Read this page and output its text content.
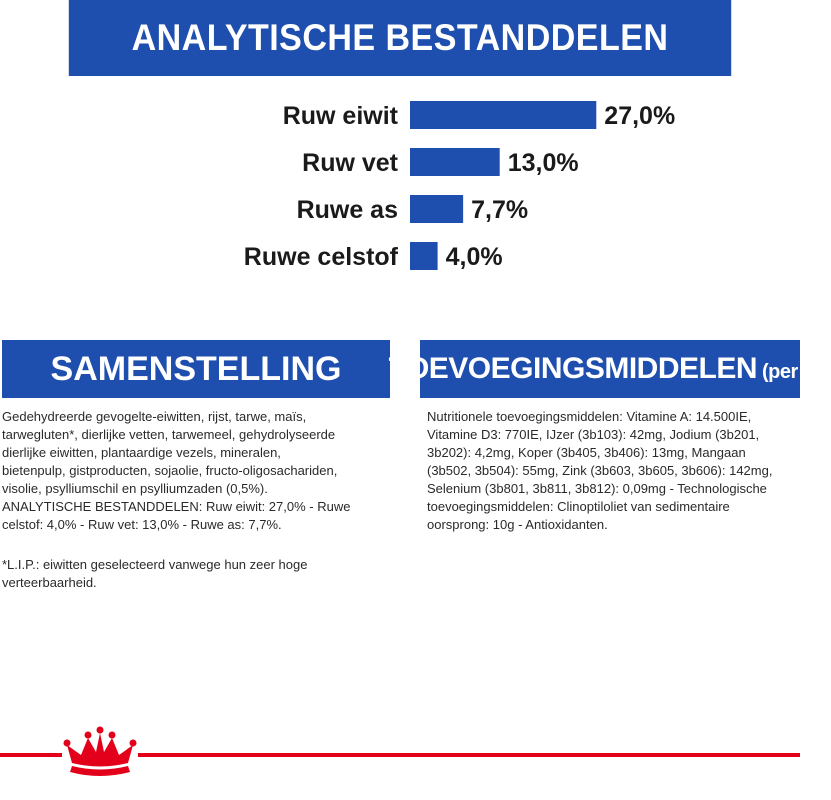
ANALYTISCHE BESTANDDELEN
Ruw eiwit	27,0%
Ruw vet	13,0%
Ruwe as	7,7%
Ruwe celstof 4,0%
SAMENSTELLING	TOEVOEGINGSMIDDELEN (per kg)

Gedehydreerde gevogelte-eiwitten, rijst, tarwe, maïs,
tarwegluten*, dierlijke vetten, tarwemeel, gehydrolyseerde
dierlijke eiwitten, plantaardige vezels, mineralen,
bietenpulp, gistproducten, sojaolie, fructo-oligosachariden,
visolie, psylliumschil en psylliumzaden (0,5%).
ANALYTISCHE BESTANDDELEN: Ruw eiwit: 27,0% - Ruwe
celstof: 4,0% - Ruw vet: 13,0% - Ruwe as: 7,7%.

*L.I.P.: eiwitten geselecteerd vanwege hun zeer hoge
verteerbaarheid.

Nutritionele toevoegingsmiddelen: Vitamine A: 14.500IE,
Vitamine D3: 770IE, IJzer (3b103): 42mg, Jodium (3b201,
3b202): 4,2mg, Koper (3b405, 3b406): 13mg, Mangaan
(3b502, 3b504): 55mg, Zink (3b603, 3b605, 3b606): 142mg,
Selenium (3b801, 3b811, 3b812): 0,09mg - Technologische
toevoegingsmiddelen: Clinoptiloliet van sedimentaire
oorsprong: 10g - Antioxidanten.
